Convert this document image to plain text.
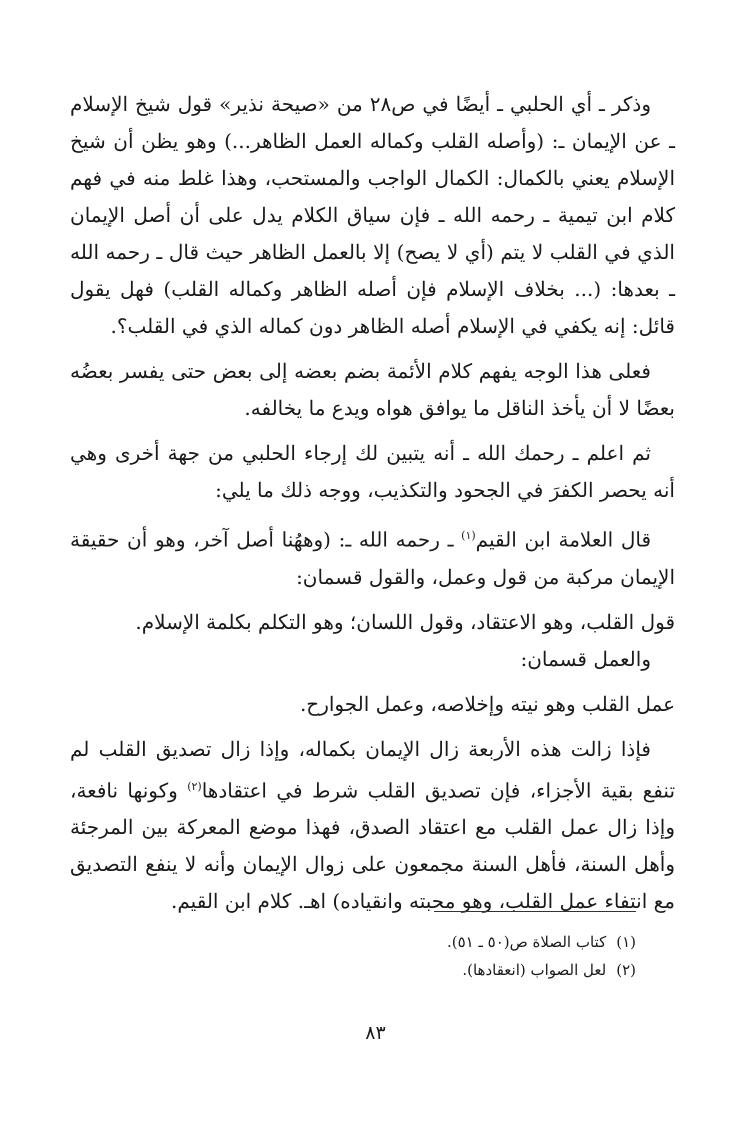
وذكر ـ أي الحلبي ـ أيضًا في ص٢٨ من «صيحة نذير» قول شيخ الإسلام ـ عن الإيمان ـ: (وأصله القلب وكماله العمل الظاهر...) وهو يظن أن شيخ الإسلام يعني بالكمال: الكمال الواجب والمستحب، وهذا غلط منه في فهم كلام ابن تيمية ـ رحمه الله ـ فإن سياق الكلام يدل على أن أصل الإيمان الذي في القلب لا يتم (أي لا يصح) إلا بالعمل الظاهر حيث قال ـ رحمه الله ـ بعدها: (... بخلاف الإسلام فإن أصله الظاهر وكماله القلب) فهل يقول قائل: إنه يكفي في الإسلام أصله الظاهر دون كماله الذي في القلب؟.

فعلى هذا الوجه يفهم كلام الأئمة بضم بعضه إلى بعض حتى يفسر بعضُه بعضًا لا أن يأخذ الناقل ما يوافق هواه ويدع ما يخالفه.

ثم اعلم ـ رحمك الله ـ أنه يتبين لك إرجاء الحلبي من جهة أخرى وهي أنه يحصر الكفرَ في الجحود والتكذيب، ووجه ذلك ما يلي:

قال العلامة ابن القيم$^{(١)}$ ـ رحمه الله ـ: (وههُنا أصل آخر، وهو أن حقيقة الإيمان مركبة من قول وعمل، والقول قسمان:

قول القلب، وهو الاعتقاد، وقول اللسان؛ وهو التكلم بكلمة الإسلام.

والعمل قسمان:

عمل القلب وهو نيته وإخلاصه، وعمل الجوارح.

فإذا زالت هذه الأربعة زال الإيمان بكماله، وإذا زال تصديق القلب لم تنفع بقية الأجزاء، فإن تصديق القلب شرط في اعتقادها$^{(٢)}$ وكونها نافعة، وإذا زال عمل القلب مع اعتقاد الصدق، فهذا موضع المعركة بين المرجئة وأهل السنة، فأهل السنة مجمعون على زوال الإيمان وأنه لا ينفع التصديق مع انتفاء عمل القلب، وهو محبته وانقياده) اهـ. كلام ابن القيم.

(١)كتاب الصلاة ص(٥٠ ـ ٥١).

(٢)لعل الصواب (انعقادها).

٨٣
